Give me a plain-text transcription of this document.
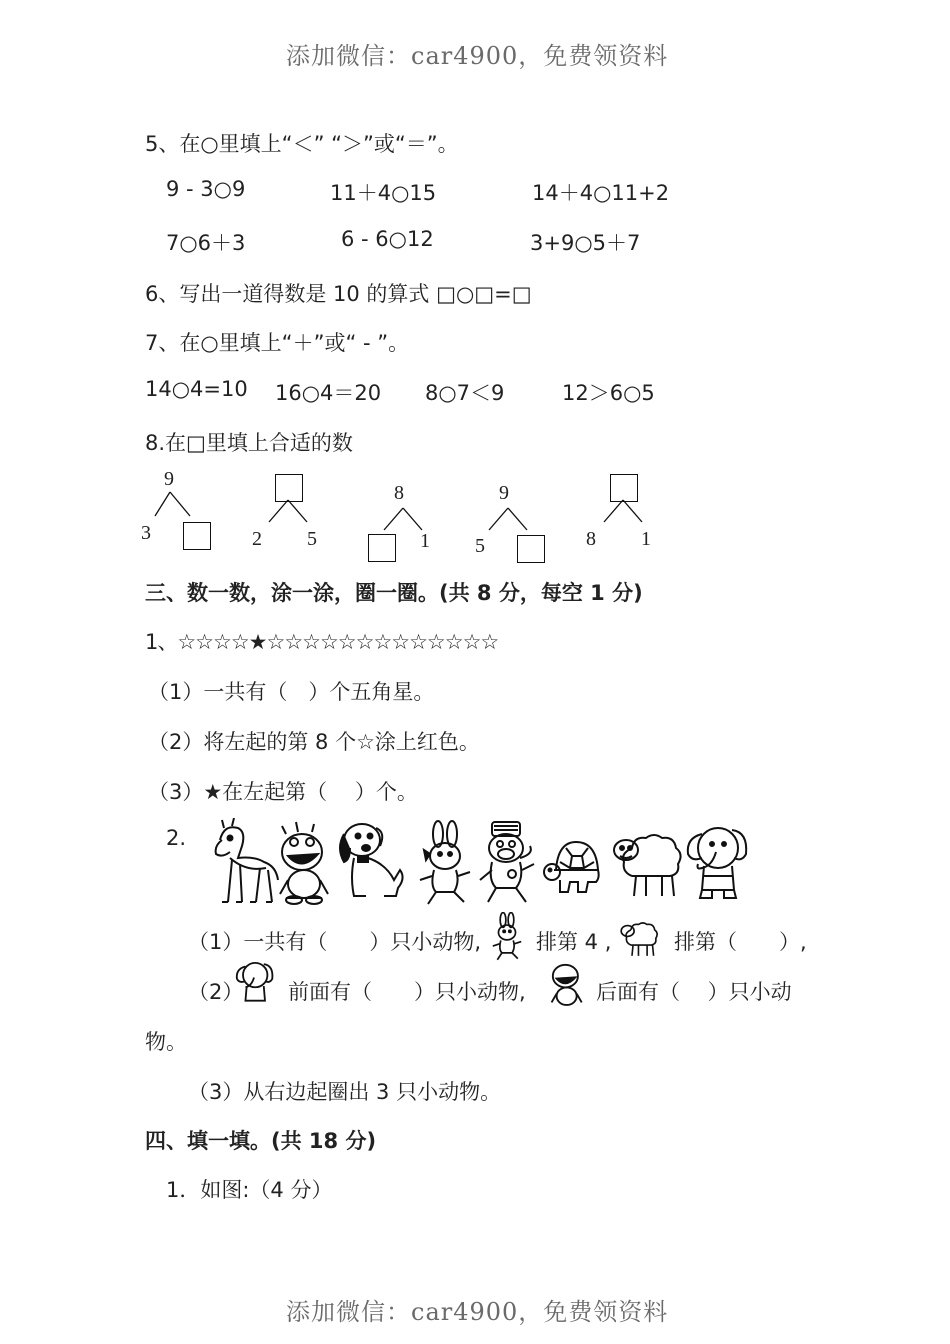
添加微信：car4900，免费领资料
添加微信：car4900，免费领资料
5、在○里填上“＜” “＞”或“＝”。
9 - 3○9	11＋4○15	14＋4○11+2
7○6＋3	6 - 6○12	3+9○5＋7
6、写出一道得数是 10 的算式 □○□=□
7、在○里填上“＋”或“ - ”。
14○4=10 16○4＝20 8○7＜9	12＞6○5
8.在□里填上合适的数
9
3	2 5
8
1
9
5	8 1
三、数一数，涂一涂，圈一圈。(共 8 分，每空 1 分)
1、☆☆☆☆★☆☆☆☆☆☆☆☆☆☆☆☆☆
（1）一共有（　）个五角星。
（2）将左起的第 8 个☆涂上红色。
（3）★在左起第（　 ）个。
2.
（1）一共有（　　）只小动物,	排第 4 ,	排第（　　）,
（2） 前面有（　　）只小动物,	后面有（　 ）只小动
物。
（3）从右边起圈出 3 只小动物。
四、填一填。(共 18 分)
1．如图:（4 分）
